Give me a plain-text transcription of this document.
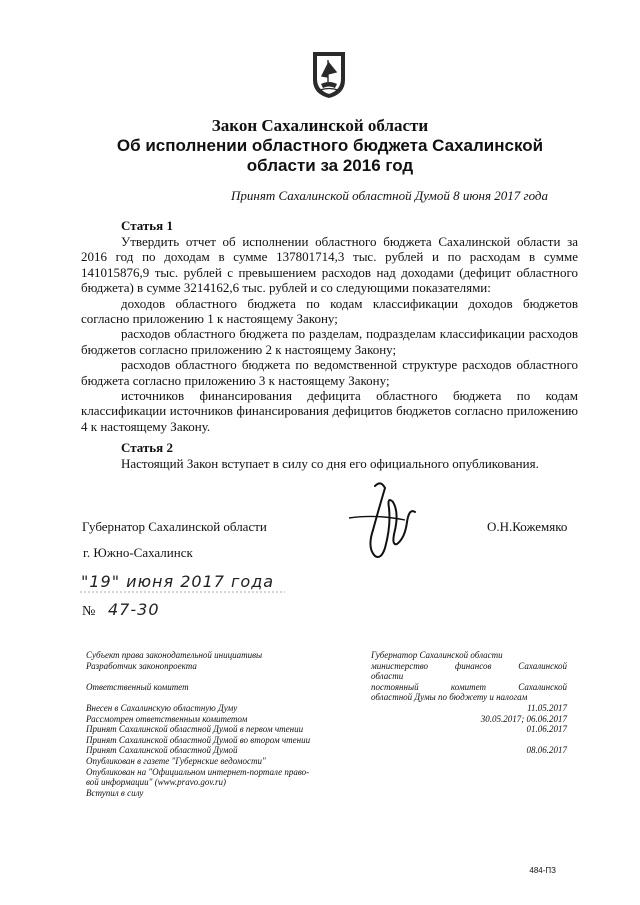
Закон Сахалинской области
Об исполнении областного бюджета Сахалинской
области за 2016 год
Принят Сахалинской областной Думой 8 июня 2017 года
Статья 1

Утвердить отчет об исполнении областного бюджета Сахалинской области за 2016 год по доходам в сумме 137801714,3 тыс. рублей и по расходам в сумме 141015876,9 тыс. рублей с превышением расходов над доходами (дефицит областного бюджета) в сумме 3214162,6 тыс. рублей и со следующими показателями:

доходов областного бюджета по кодам классификации доходов бюджетов согласно приложению 1 к настоящему Закону;

расходов областного бюджета по разделам, подразделам классификации расходов бюджетов согласно приложению 2 к настоящему Закону;

расходов областного бюджета по ведомственной структуре расходов областного бюджета согласно приложению 3 к настоящему Закону;

источников финансирования дефицита областного бюджета по кодам классификации источников финансирования дефицитов бюджетов согласно приложению 4 к настоящему Закону.

Статья 2

Настоящий Закон вступает в силу со дня его официального опубликования.

Губернатор Сахалинской области	О.Н.Кожемяко
г. Южно-Сахалинск
"19" июня 2017 года
№ 47-30
Субъект права законодательной инициативы
Разработчик законопроекта

Ответственный комитет

Внесен в Сахалинскую областную Думу
Рассмотрен ответственным комитетом
Принят Сахалинской областной Думой в первом чтении
Принят Сахалинской областной Думой во втором чтении
Принят Сахалинской областной Думой
Опубликован в газете "Губернские ведомости"
Опубликован на "Официальном интернет-портале право-
вой информации" (www.pravo.gov.ru)
Вступил в силу
Губернатор Сахалинской области
министерство финансов Сахалинской
области
постоянный комитет Сахалинской
областной Думы по бюджету и налогам
11.05.2017
30.05.2017; 06.06.2017
01.06.2017

08.06.2017
484-ПЗ
